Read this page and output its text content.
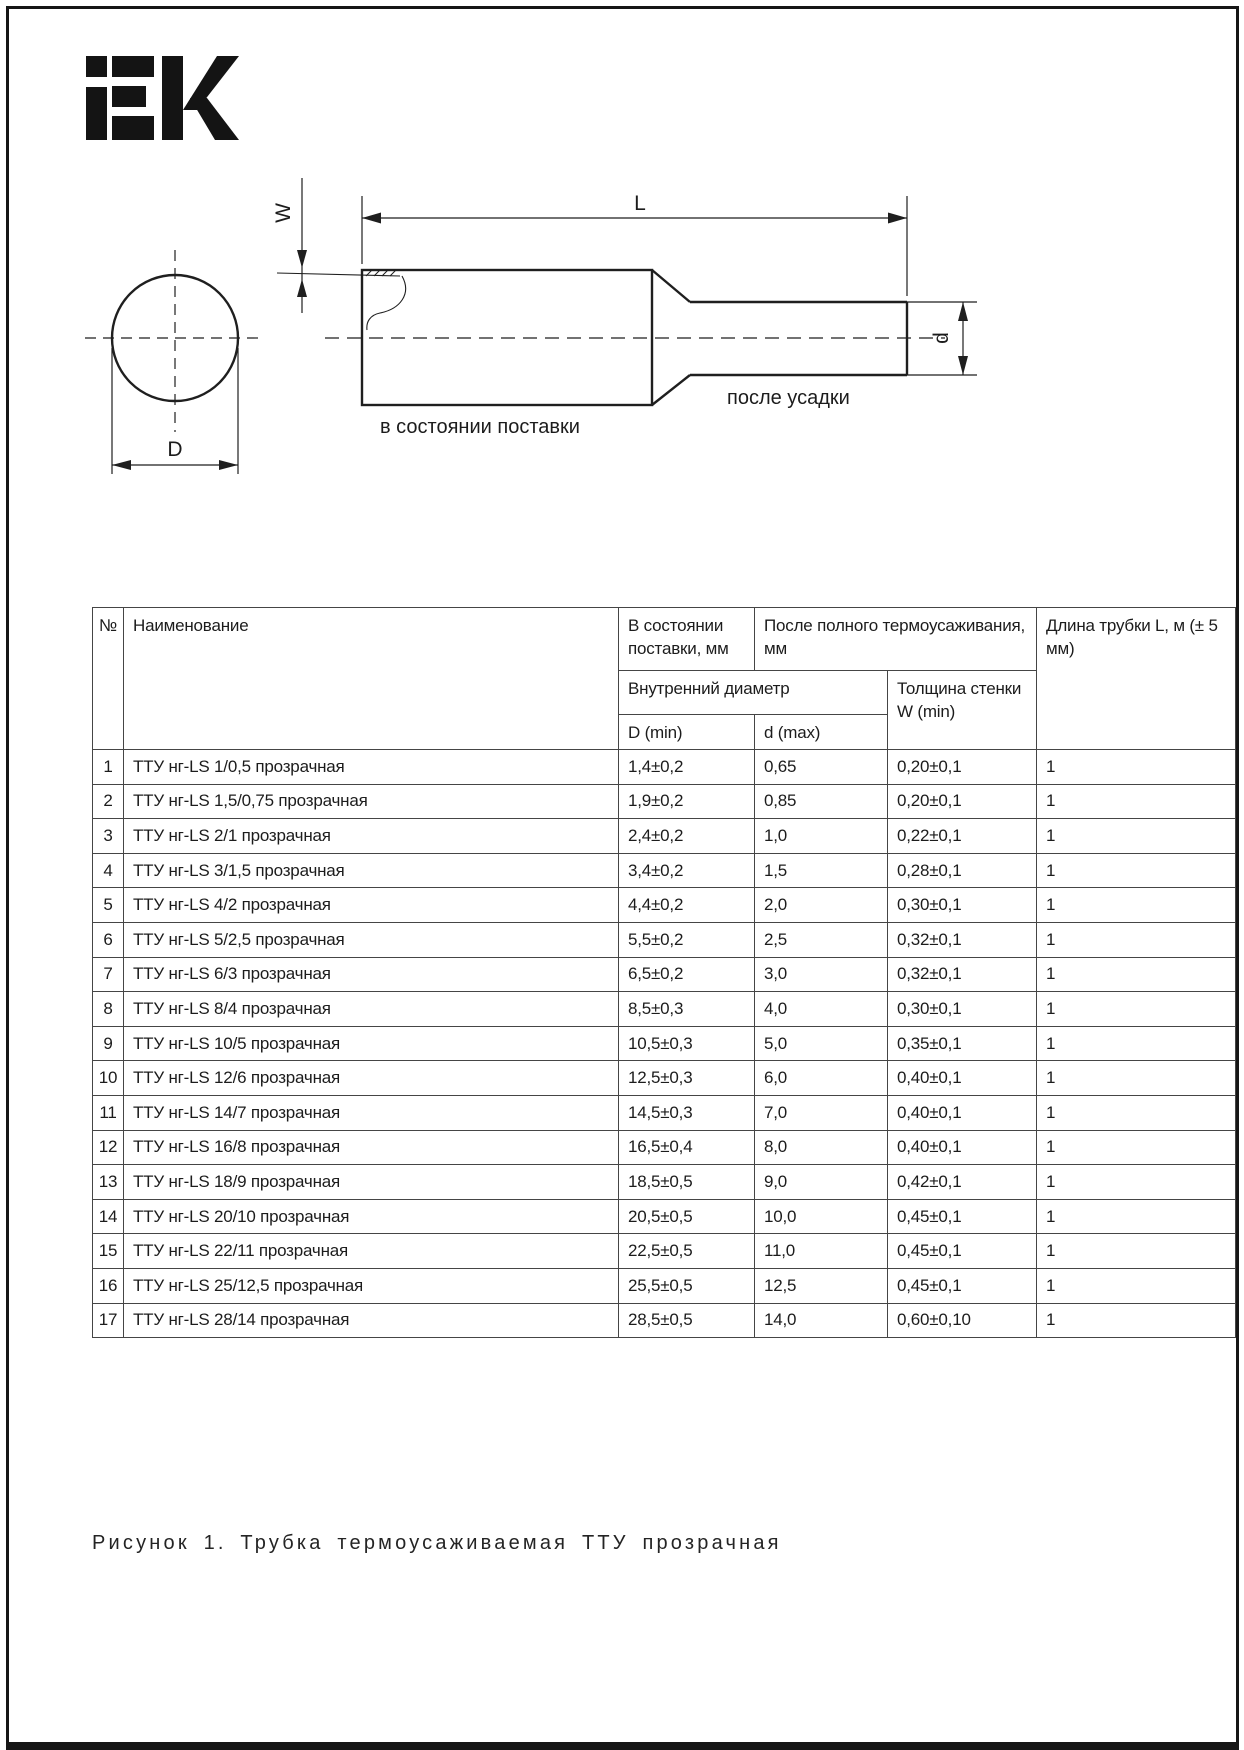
D
W	L
d
в состоянии поставки
после усадки
№	Наименование	В состоянии поставки, мм	После полного термоусаживания, мм		Длина трубки L, м (± 5 мм)
		Внутренний диаметр		Толщина стенки W (min)	
		D (min)	d (max)		
1	ТТУ нг-LS 1/0,5 прозрачная	1,4±0,2	0,65	0,20±0,1	1
2	ТТУ нг-LS 1,5/0,75 прозрачная	1,9±0,2	0,85	0,20±0,1	1
3	ТТУ нг-LS 2/1 прозрачная	2,4±0,2	1,0	0,22±0,1	1
4	ТТУ нг-LS 3/1,5 прозрачная	3,4±0,2	1,5	0,28±0,1	1
5	ТТУ нг-LS 4/2 прозрачная	4,4±0,2	2,0	0,30±0,1	1
6	ТТУ нг-LS 5/2,5 прозрачная	5,5±0,2	2,5	0,32±0,1	1
7	ТТУ нг-LS 6/3 прозрачная	6,5±0,2	3,0	0,32±0,1	1
8	ТТУ нг-LS 8/4 прозрачная	8,5±0,3	4,0	0,30±0,1	1
9	ТТУ нг-LS 10/5 прозрачная	10,5±0,3	5,0	0,35±0,1	1
10	ТТУ нг-LS 12/6 прозрачная	12,5±0,3	6,0	0,40±0,1	1
11	ТТУ нг-LS 14/7 прозрачная	14,5±0,3	7,0	0,40±0,1	1
12	ТТУ нг-LS 16/8 прозрачная	16,5±0,4	8,0	0,40±0,1	1
13	ТТУ нг-LS 18/9 прозрачная	18,5±0,5	9,0	0,42±0,1	1
14	ТТУ нг-LS 20/10 прозрачная	20,5±0,5	10,0	0,45±0,1	1
15	ТТУ нг-LS 22/11 прозрачная	22,5±0,5	11,0	0,45±0,1	1
16	ТТУ нг-LS 25/12,5 прозрачная	25,5±0,5	12,5	0,45±0,1	1
17	ТТУ нг-LS 28/14 прозрачная	28,5±0,5	14,0	0,60±0,10	1
Рисунок 1. Трубка термоусаживаемая ТТУ прозрачная
